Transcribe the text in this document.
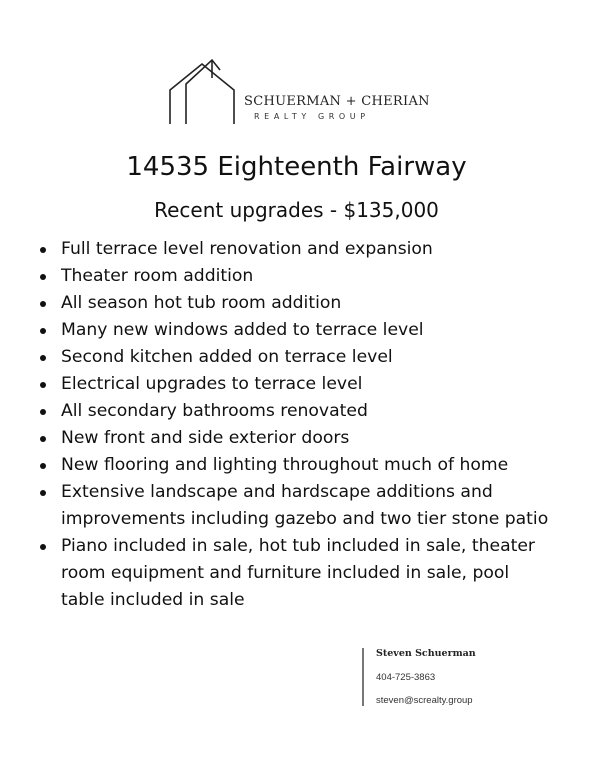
SCHUERMAN + CHERIAN
REALTY GROUP
14535 Eighteenth Fairway
Recent upgrades - $135,000
Full terrace level renovation and expansion
Theater room addition
All season hot tub room addition
Many new windows added to terrace level
Second kitchen added on terrace level
Electrical upgrades to terrace level
All secondary bathrooms renovated
New front and side exterior doors
New flooring and lighting throughout much of home
Extensive landscape and hardscape additions and improvements including gazebo and two tier stone patio
Piano included in sale, hot tub included in sale, theater room equipment and furniture included in sale, pool table included in sale
Steven Schuerman
404-725-3863
steven@screalty.group
